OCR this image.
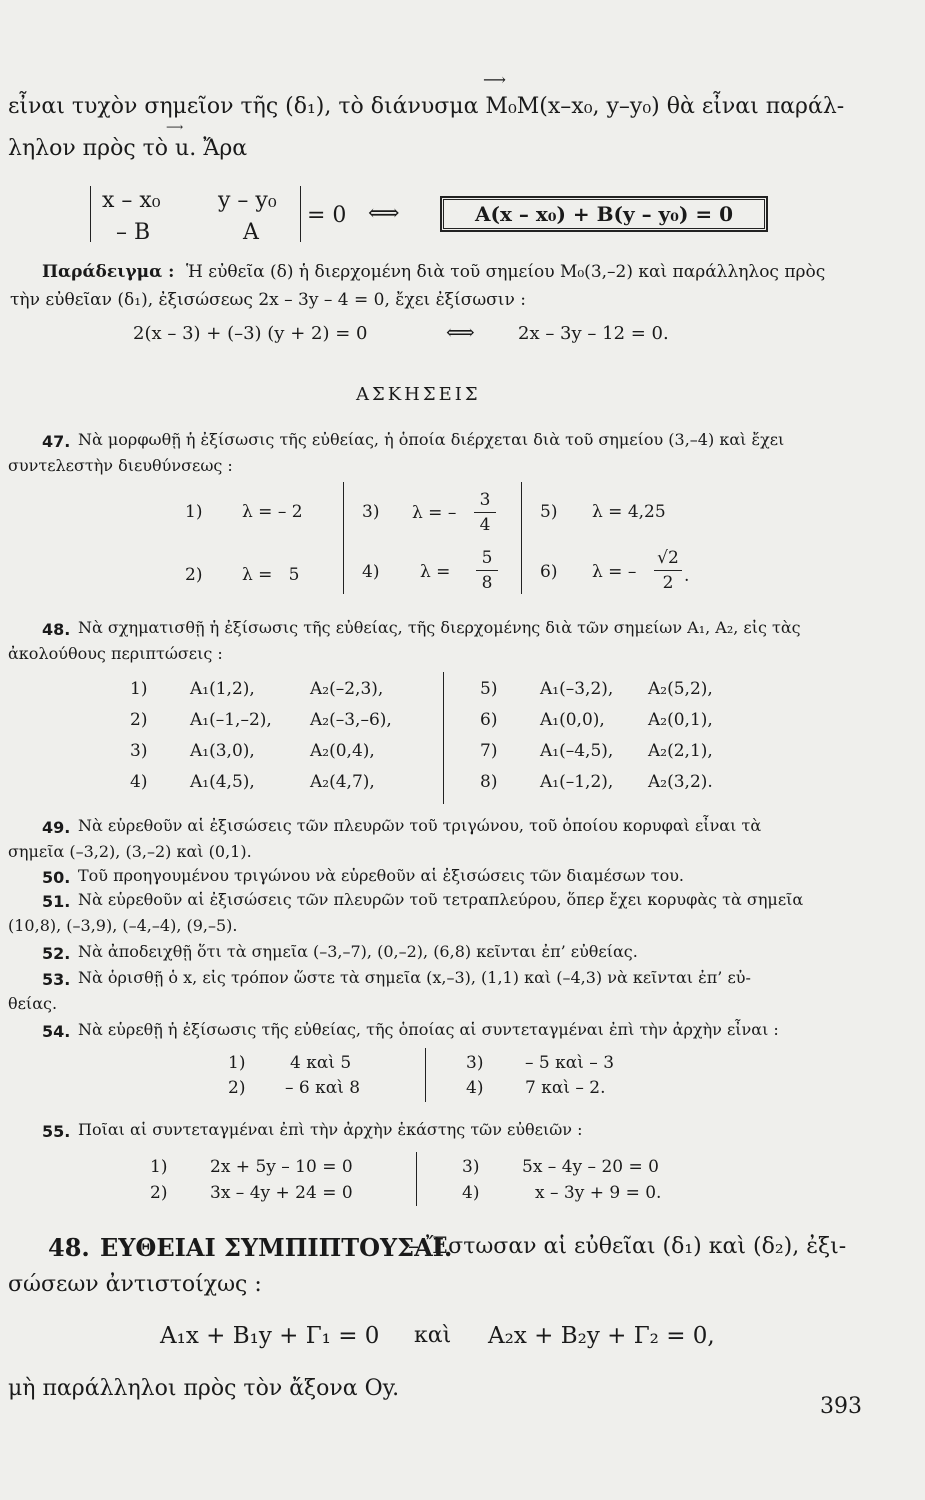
εἶναι τυχὸν σημεῖον τῆς (δ₁), τὸ διάνυσμα M₀M(x–x₀, y–y₀) θὰ εἶναι παράλ-
⟶
ληλον πρὸς τὸ u. Ἄρα
⟶
x – x₀	y – y₀
– B	A
= 0 ⟺	A(x – x₀) + B(y – y₀) = 0
Παράδειγμα : Ἡ εὐθεῖα (δ) ἡ διερχομένη διὰ τοῦ σημείου M₀(3,–2) καὶ παράλληλος πρὸς
τὴν εὐθεῖαν (δ₁), ἐξισώσεως 2x – 3y – 4 = 0, ἔχει ἐξίσωσιν :
2(x – 3) + (–3) (y + 2) = 0	⟺ 2x – 3y – 12 = 0.
ΑΣΚΗΣΕΙΣ
47. Νὰ μορφωθῇ ἡ ἐξίσωσις τῆς εὐθείας, ἡ ὁποία διέρχεται διὰ τοῦ σημείου (3,–4) καὶ ἔχει
συντελεστὴν διευθύνσεως :
1) λ = – 2
2) λ =   5
3) λ = – $\frac{3}{4}$
4) $\lambda = \frac{5}{8}$
5) λ = 4,25
6) λ = – $\frac{√2}{2}$ .
48. Νὰ σχηματισθῇ ἡ ἐξίσωσις τῆς εὐθείας, τῆς διερχομένης διὰ τῶν σημείων A₁, A₂, εἰς τὰς
ἀκολούθους περιπτώσεις :
1)	A₁(1,2),	A₂(–2,3),	5)	A₁(–3,2), A₂(5,2),
2)	A₁(–1,–2), A₂(–3,–6),	6)	A₁(0,0),	A₂(0,1),
3)	A₁(3,0),	A₂(0,4),	7)	A₁(–4,5), A₂(2,1),
4)	A₁(4,5),	A₂(4,7),	8)	A₁(–1,2), A₂(3,2).
49. Νὰ εὑρεθοῦν αἱ ἐξισώσεις τῶν πλευρῶν τοῦ τριγώνου, τοῦ ὁποίου κορυφαὶ εἶναι τὰ
σημεῖα (–3,2), (3,–2) καὶ (0,1).
50. Τοῦ προηγουμένου τριγώνου νὰ εὑρεθοῦν αἱ ἐξισώσεις τῶν διαμέσων του.
51. Νὰ εὑρεθοῦν αἱ ἐξισώσεις τῶν πλευρῶν τοῦ τετραπλεύρου, ὅπερ ἔχει κορυφὰς τὰ σημεῖα
(10,8), (–3,9), (–4,–4), (9,–5).
52. Νὰ ἀποδειχθῇ ὅτι τὰ σημεῖα (–3,–7), (0,–2), (6,8) κεῖνται ἐπ’ εὐθείας.
53. Νὰ ὁρισθῇ ὁ x, εἰς τρόπον ὥστε τὰ σημεῖα (x,–3), (1,1) καὶ (–4,3) νὰ κεῖνται ἐπ’ εὐ-
θείας.
54. Νὰ εὑρεθῇ ἡ ἐξίσωσις τῆς εὐθείας, τῆς ὁποίας αἱ συντεταγμέναι ἐπὶ τὴν ἀρχὴν εἶναι :
1)	4 καὶ 5	3) – 5 καὶ – 3
2) – 6 καὶ 8	4) 7 καὶ – 2.
55. Ποῖαι αἱ συντεταγμέναι ἐπὶ τὴν ἀρχὴν ἑκάστης τῶν εὐθειῶν :
1)	2x + 5y – 10 = 0	3)	5x – 4y – 20 = 0
2)	3x – 4y + 24 = 0	4)	x – 3y + 9 = 0.
48. ΕΥΘΕΙΑΙ ΣΥΜΠΙΠΤΟΥΣΑΙ.
– Ἔστωσαν αἱ εὐθεῖαι (δ₁) καὶ (δ₂), ἐξι-
σώσεων ἀντιστοίχως :
A₁x + B₁y + Γ₁ = 0 καὶ A₂x + B₂y + Γ₂ = 0,
μὴ παράλληλοι πρὸς τὸν ἄξονα Oy.
393
